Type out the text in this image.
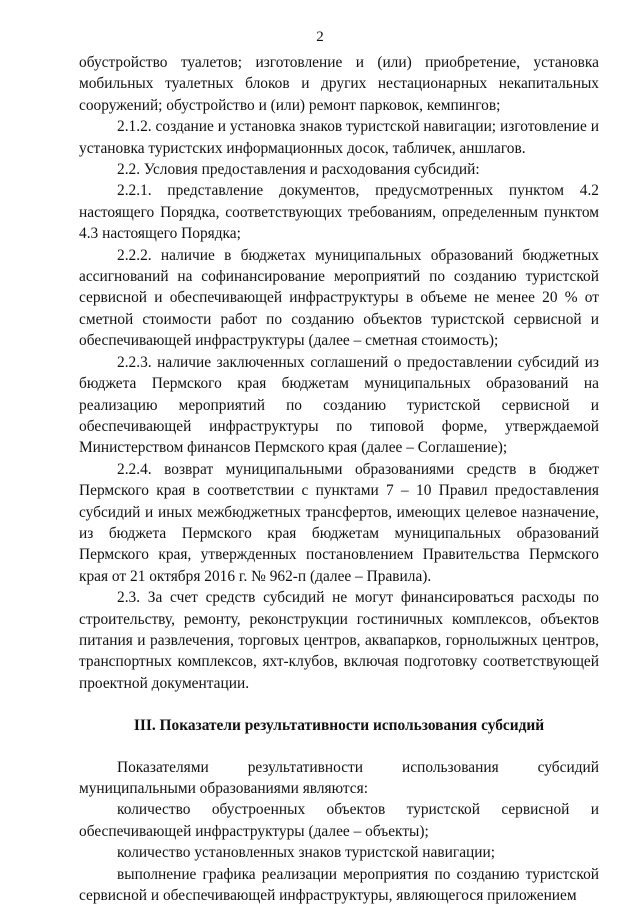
2

обустройство туалетов; изготовление и (или) приобретение, установка мобильных туалетных блоков и других нестационарных некапитальных сооружений; обустройство и (или) ремонт парковок, кемпингов;

2.1.2. создание и установка знаков туристской навигации; изготовление и установка туристских информационных досок, табличек, аншлагов.

2.2. Условия предоставления и расходования субсидий:

2.2.1. представление документов, предусмотренных пунктом 4.2 настоящего Порядка, соответствующих требованиям, определенным пунктом 4.3 настоящего Порядка;

2.2.2. наличие в бюджетах муниципальных образований бюджетных ассигнований на софинансирование мероприятий по созданию туристской сервисной и обеспечивающей инфраструктуры в объеме не менее 20 % от сметной стоимости работ по созданию объектов туристской сервисной и обеспечивающей инфраструктуры (далее – сметная стоимость);

2.2.3. наличие заключенных соглашений о предоставлении субсидий из бюджета Пермского края бюджетам муниципальных образований на реализацию мероприятий по созданию туристской сервисной и обеспечивающей инфраструктуры по типовой форме, утверждаемой Министерством финансов Пермского края (далее – Соглашение);

2.2.4. возврат муниципальными образованиями средств в бюджет Пермского края в соответствии с пунктами 7 – 10 Правил предоставления субсидий и иных межбюджетных трансфертов, имеющих целевое назначение, из бюджета Пермского края бюджетам муниципальных образований Пермского края, утвержденных постановлением Правительства Пермского края от 21 октября 2016 г. № 962-п (далее – Правила).

2.3. За счет средств субсидий не могут финансироваться расходы по строительству, ремонту, реконструкции гостиничных комплексов, объектов питания и развлечения, торговых центров, аквапарков, горнолыжных центров, транспортных комплексов, яхт-клубов, включая подготовку соответствующей проектной документации.

III. Показатели результативности использования субсидий

Показателями результативности использования субсидий муниципальными образованиями являются:

количество обустроенных объектов туристской сервисной и обеспечивающей инфраструктуры (далее – объекты);

количество установленных знаков туристской навигации;

выполнение графика реализации мероприятия по созданию туристской сервисной и обеспечивающей инфраструктуры, являющегося приложением
